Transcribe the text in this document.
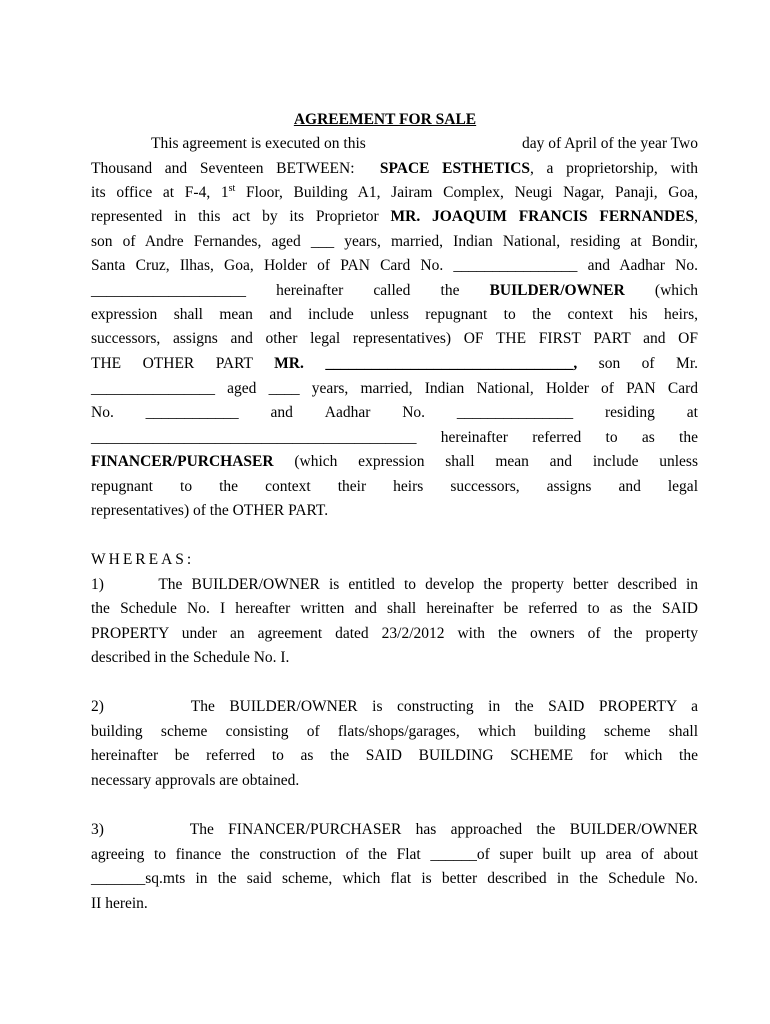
AGREEMENT FOR SALE
This agreement is executed on this	day of April of the year Two
Thousand and Seventeen BETWEEN: SPACE ESTHETICS, a proprietorship, with
its office at F-4, 1st Floor, Building A1, Jairam Complex, Neugi Nagar, Panaji, Goa,
represented in this act by its Proprietor MR. JOAQUIM FRANCIS FERNANDES,
son of Andre Fernandes, aged ___ years, married, Indian National, residing at Bondir,
Santa Cruz, Ilhas, Goa, Holder of PAN Card No. ________________ and Aadhar No.
____________________ hereinafter called the BUILDER/OWNER (which
expression shall mean and include unless repugnant to the context his heirs,
successors, assigns and other legal representatives) OF THE FIRST PART and OF
THE OTHER PART MR. ________________________________, son of Mr.
________________ aged ____ years, married, Indian National, Holder of PAN Card
No. ____________ and Aadhar No. _______________ residing at
__________________________________________ hereinafter referred to as the
FINANCER/PURCHASER (which expression shall mean and include unless
repugnant to the context their heirs successors, assigns and legal
representatives) of the OTHER PART.
WHEREAS:
1)      The BUILDER/OWNER is entitled to develop the property better described in
the Schedule No. I hereafter written and shall hereinafter be referred to as the SAID
PROPERTY under an agreement dated 23/2/2012 with the owners of the property
described in the Schedule No. I.
2)      The BUILDER/OWNER is constructing in the SAID PROPERTY a
building scheme consisting of flats/shops/garages, which building scheme shall
hereinafter be referred to as the SAID BUILDING SCHEME for which the
necessary approvals are obtained.
3)      The FINANCER/PURCHASER has approached the BUILDER/OWNER
agreeing to finance the construction of the Flat ______of super built up area of about
_______sq.mts in the said scheme, which flat is better described in the Schedule No.
II herein.
